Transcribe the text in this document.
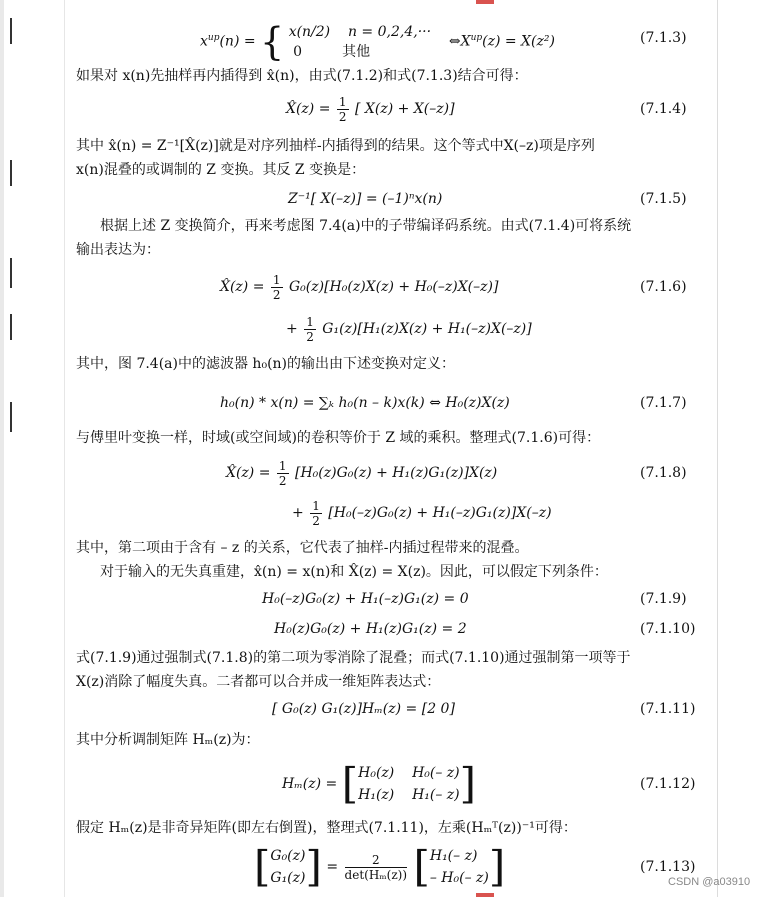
$x^{up}(n)$ = { x(n/2) n = 0,2,4,···
0	其他
$\Leftrightarrow X^{up}(z) = X(z^2)$	(7.1.3)
如果对 x(n)先抽样再内插得到 x̂(n)，由式(7.1.2)和式(7.1.3)结合可得：
X̂(z) = $\frac{1}{2}$ [ X(z) + X(–z)]	(7.1.4)
其中 x̂(n) = Z⁻¹[X̂(z)]就是对序列抽样-内插得到的结果。这个等式中X(–z)项是序列
x(n)混叠的或调制的 Z 变换。其反 Z 变换是：
Z⁻¹[ X(–z)] = (–1)ⁿx(n)	(7.1.5)
根据上述 Z 变换简介，再来考虑图 7.4(a)中的子带编译码系统。由式(7.1.4)可将系统
输出表达为：
X̂(z) = $\frac{1}{2} G_0(z)[H_0(z)X(z) + H_0(-z)X(-z)]$	(7.1.6)
+ $\frac{1}{2} G_1(z)[H_1(z)X(z) + H_1(-z)X(-z)]$
其中，图 7.4(a)中的滤波器 h₀(n)的输出由下述变换对定义：
h₀(n) * x(n) = ∑ₖ h₀(n – k)x(k) ⇔ H₀(z)X(z)	(7.1.7)
与傅里叶变换一样，时域(或空间域)的卷积等价于 Z 域的乘积。整理式(7.1.6)可得：
X̂(z) = $\frac{1}{2} [H_0(z)G_0(z) + H_1(z)G_1(z)]X(z)$	(7.1.8)
+ $\frac{1}{2} [H_0(-z)G_0(z) + H_1(-z)G_1(z)]X(-z)$
其中，第二项由于含有 – z 的关系，它代表了抽样-内插过程带来的混叠。
对于输入的无失真重建，x̂(n) = x(n)和 X̂(z) = X(z)。因此，可以假定下列条件：
H₀(–z)G₀(z) + H₁(–z)G₁(z) = 0	(7.1.9)
H₀(z)G₀(z) + H₁(z)G₁(z) = 2	(7.1.10)
式(7.1.9)通过强制式(7.1.8)的第二项为零消除了混叠；而式(7.1.10)通过强制第一项等于
X(z)消除了幅度失真。二者都可以合并成一维矩阵表达式：
[ G₀(z) G₁(z)]Hₘ(z) = [2 0]	(7.1.11)
其中分析调制矩阵 Hₘ(z)为：
Hₘ(z) = [ H₀(z) H₀(– z)
H₁(z) H₁(– z) ]	(7.1.12)
假定 Hₘ(z)是非奇异矩阵(即左右倒置)，整理式(7.1.11)，左乘(Hₘᵀ(z))⁻¹可得：
[ G₀(z)
G₁(z) ] = $\frac{2}{\text{det(Hₘ(z))}}$ [ H₁(– z)
– H₀(– z) ]	(7.1.13)
CSDN @a03910
